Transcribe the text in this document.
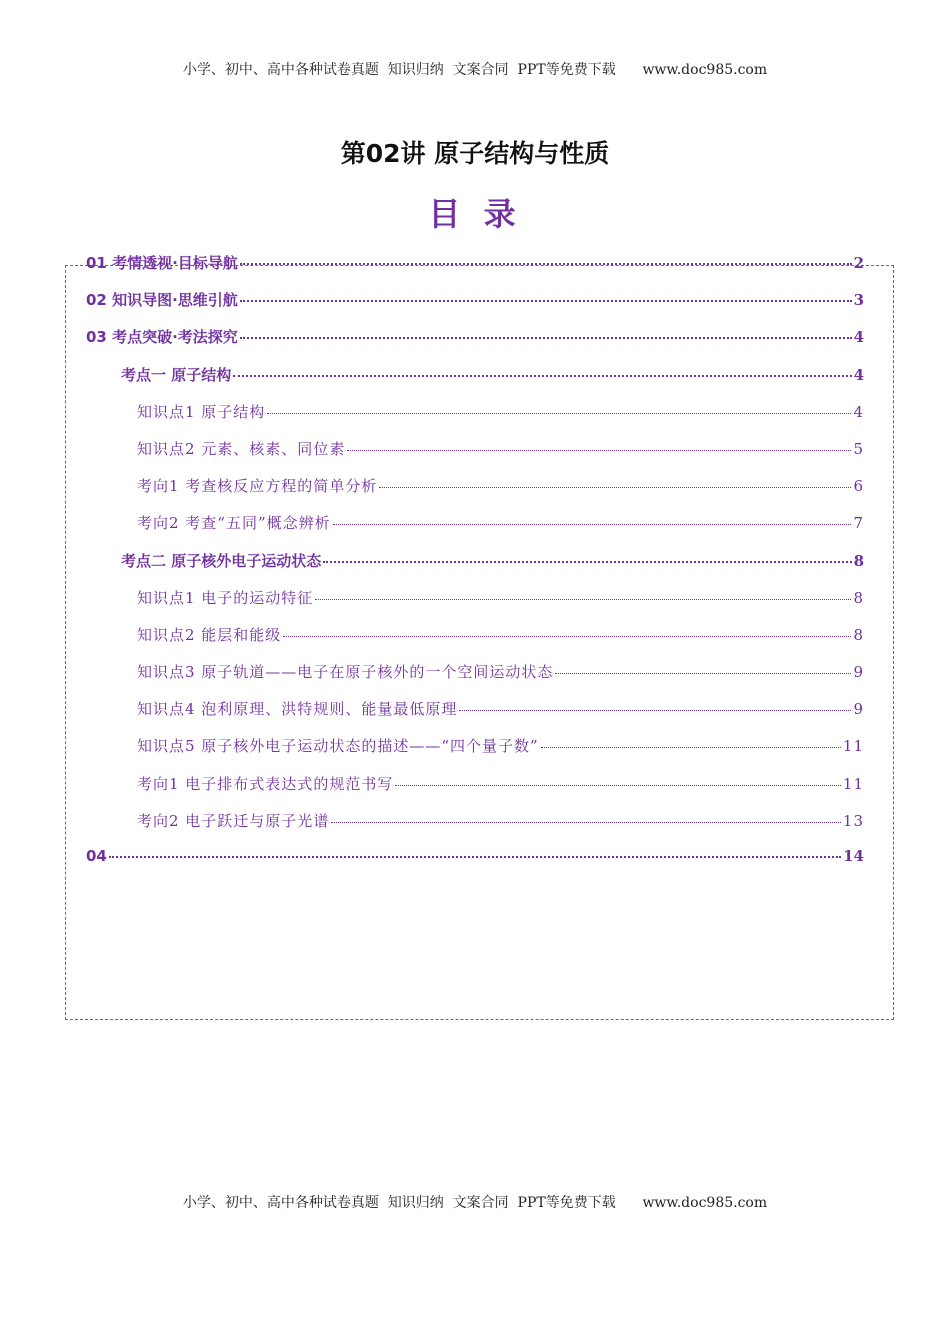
小学、初中、高中各种试卷真题  知识归纳  文案合同  PPT等免费下载      www.doc985.com
第02讲 原子结构与性质
目 录
01 考情透视·目标导航	2
02 知识导图·思维引航	3
03 考点突破·考法探究	4
考点一 原子结构	4
知识点1 原子结构	4
知识点2 元素、核素、同位素	5
考向1 考查核反应方程的简单分析	6
考向2 考查“五同”概念辨析	7
考点二 原子核外电子运动状态	8
知识点1 电子的运动特征	8
知识点2 能层和能级	8
知识点3 原子轨道——电子在原子核外的一个空间运动状态	9
知识点4 泡利原理、洪特规则、能量最低原理	9
知识点5 原子核外电子运动状态的描述——“四个量子数”	11
考向1 电子排布式表达式的规范书写	11
考向2 电子跃迁与原子光谱	13
04	14
小学、初中、高中各种试卷真题  知识归纳  文案合同  PPT等免费下载      www.doc985.com
